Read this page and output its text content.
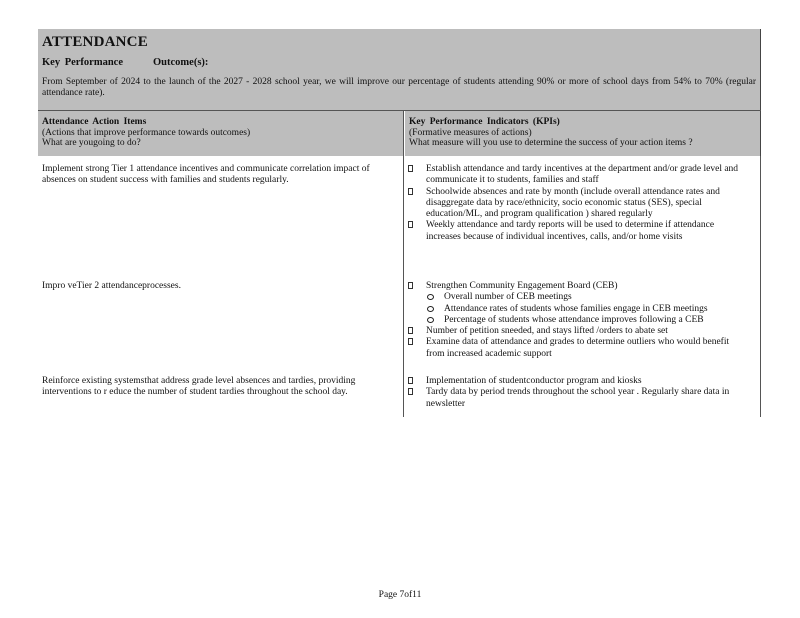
ATTENDANCE
Key Performance	Outcome(s):
From September of 2024 to the launch of the 2027 - 2028 school year, we will improve our percentage of students attending 90% or more of school days from 54% to 70% (regular attendance rate).
Attendance Action Items
(Actions that improve performance towards outcomes)
What are yougoing to do?
Key Performance Indicators (KPIs)
(Formative measures of actions)
What measure will you use to determine the success of your action items ?
Implement strong Tier 1 attendance incentives and communicate correlation impact of absences on student success with families and students regularly.
Establish attendance and tardy incentives at the department and/or grade level and communicate it to students, families and staff
Schoolwide absences and rate by month (include overall attendance rates and disaggregate data by race/ethnicity, socio economic status (SES), special education/ML, and program qualification ) shared regularly
Weekly attendance and tardy reports will be used to determine if attendance increases because of individual incentives, calls, and/or home visits
Impro veTier 2 attendanceprocesses.	Strengthen Community Engagement Board (CEB)
Overall number of CEB meetings
Attendance rates of students whose families engage in CEB meetings
Percentage of students whose attendance improves following a CEB
Number of petition sneeded, and stays lifted /orders to abate set
Examine data of attendance and grades to determine outliers who would benefit from increased academic support
Reinforce existing systemsthat address grade level absences and tardies, providing interventions to r educe the number of student tardies throughout the school day.
Implementation of studentconductor program and kiosks
Tardy data by period trends throughout the school year . Regularly share data in newsletter
Page 7of11
